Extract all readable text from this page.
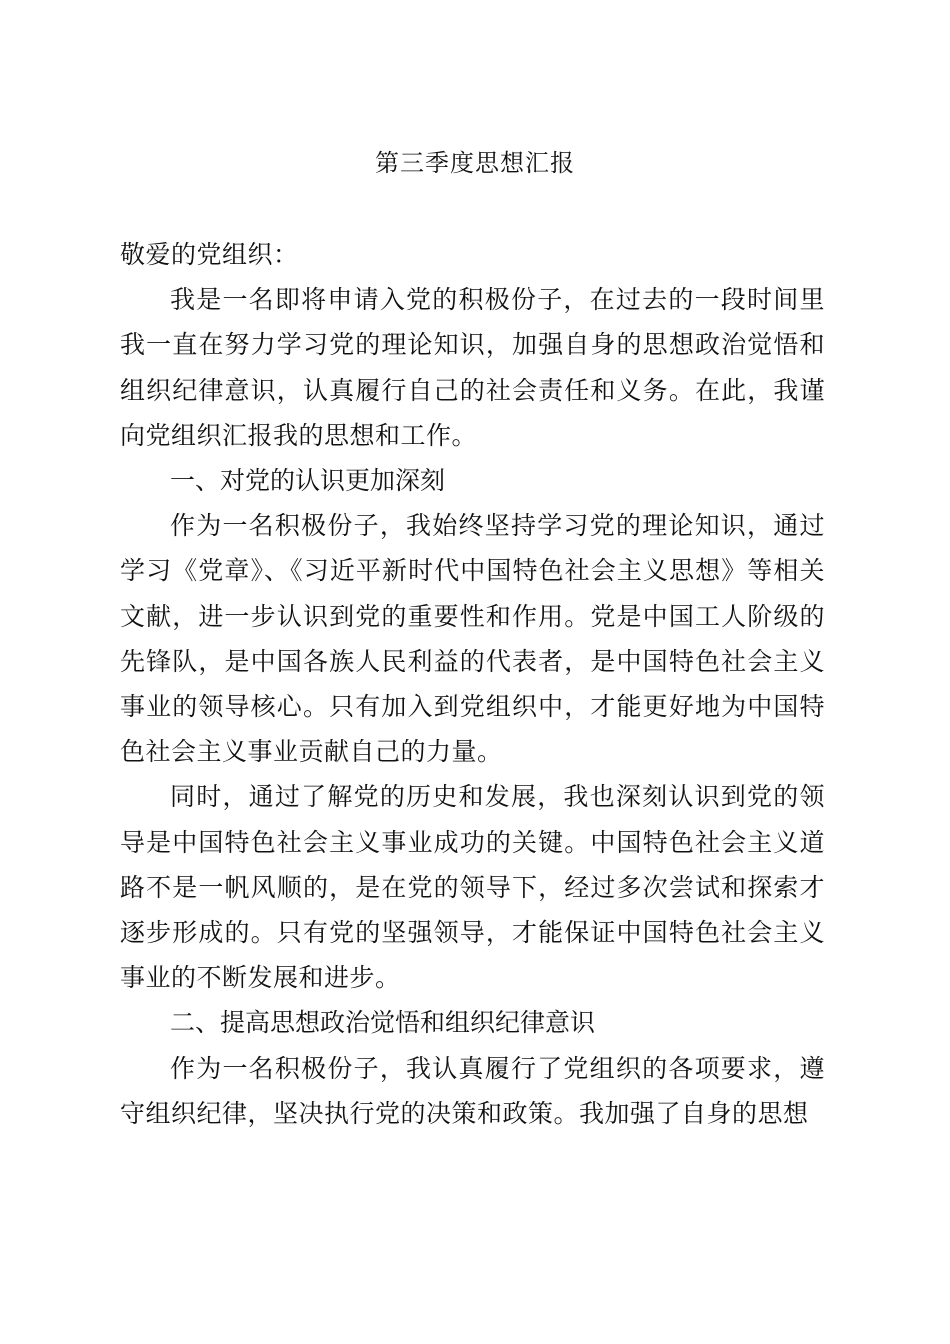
第三季度思想汇报

敬爱的党组织：

我是一名即将申请入党的积极份子，在过去的一段时间里我一直在努力学习党的理论知识，加强自身的思想政治觉悟和组织纪律意识，认真履行自己的社会责任和义务。在此，我谨向党组织汇报我的思想和工作。

一、对党的认识更加深刻

作为一名积极份子，我始终坚持学习党的理论知识，通过学习《党章》、《习近平新时代中国特色社会主义思想》等相关文献，进一步认识到党的重要性和作用。党是中国工人阶级的先锋队，是中国各族人民利益的代表者，是中国特色社会主义事业的领导核心。只有加入到党组织中，才能更好地为中国特色社会主义事业贡献自己的力量。

同时，通过了解党的历史和发展，我也深刻认识到党的领导是中国特色社会主义事业成功的关键。中国特色社会主义道路不是一帆风顺的，是在党的领导下，经过多次尝试和探索才逐步形成的。只有党的坚强领导，才能保证中国特色社会主义事业的不断发展和进步。

二、提高思想政治觉悟和组织纪律意识

作为一名积极份子，我认真履行了党组织的各项要求，遵守组织纪律，坚决执行党的决策和政策。我加强了自身的思想
